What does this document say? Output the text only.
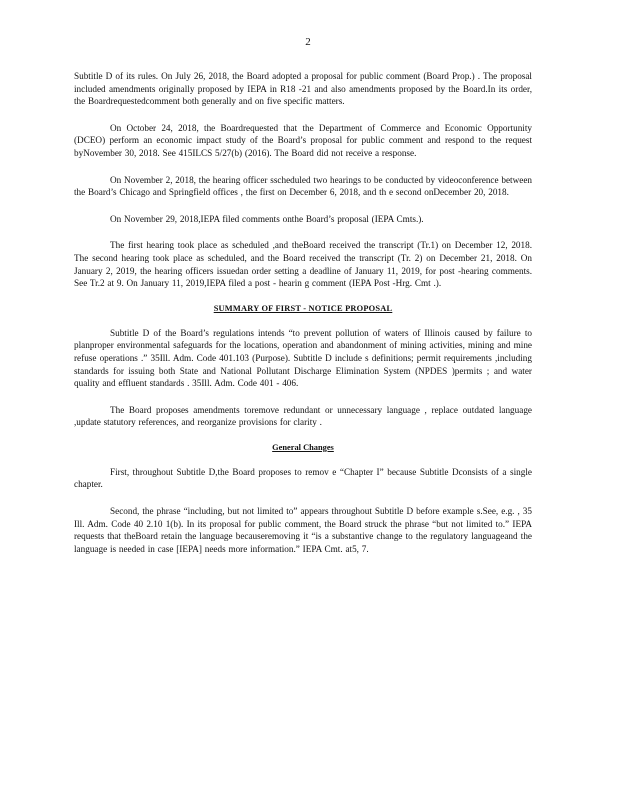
2

Subtitle D of its rules. On July 26, 2018, the Board adopted a proposal for public comment (Board Prop.) . The proposal included amendments originally proposed by IEPA in R18 -21 and also amendments proposed by the Board.In its order, the Boardrequestedcomment both generally and on five specific matters.

On October 24, 2018, the Boardrequested that the Department of Commerce and Economic Opportunity (DCEO) perform an economic impact study of the Board’s proposal for public comment and respond to the request byNovember 30, 2018. See 415ILCS 5/27(b) (2016). The Board did not receive a response.

On November 2, 2018, the hearing officer sscheduled two hearings to be conducted by videoconference between the Board’s Chicago and Springfield offices , the first on December 6, 2018, and th e second onDecember 20, 2018.

On November 29, 2018,IEPA filed comments onthe Board’s proposal (IEPA Cmts.).

The first hearing took place as scheduled ,and theBoard received the transcript (Tr.1) on December 12, 2018. The second hearing took place as scheduled, and the Board received the transcript (Tr. 2) on December 21, 2018. On January 2, 2019, the hearing officers issuedan order setting a deadline of January 11, 2019, for post -hearing comments. See Tr.2 at 9. On January 11, 2019,IEPA filed a post - hearin g comment (IEPA Post -Hrg. Cmt .).

SUMMARY OF FIRST - NOTICE PROPOSAL

Subtitle D of the Board’s regulations intends “to prevent pollution of waters of Illinois caused by failure to planproper environmental safeguards for the locations, operation and abandonment of mining activities, mining and mine refuse operations .” 35Ill. Adm. Code 401.103 (Purpose). Subtitle D include s definitions; permit requirements ,including standards for issuing both State and National Pollutant Discharge Elimination System (NPDES )permits ; and water quality and effluent standards . 35Ill. Adm. Code 401 - 406.

The Board proposes amendments toremove redundant or unnecessary language , replace outdated language ,update statutory references, and reorganize provisions for clarity .

General Changes

First, throughout Subtitle D,the Board proposes to remov e “Chapter I” because Subtitle Dconsists of a single chapter.

Second, the phrase “including, but not limited to” appears throughout Subtitle D before example s.See, e.g. , 35 Ill. Adm. Code 40 2.10 1(b). In its proposal for public comment, the Board struck the phrase “but not limited to.” IEPA requests that theBoard retain the language becauseremoving it “is a substantive change to the regulatory languageand the language is needed in case [IEPA] needs more information.” IEPA Cmt. at5, 7.
